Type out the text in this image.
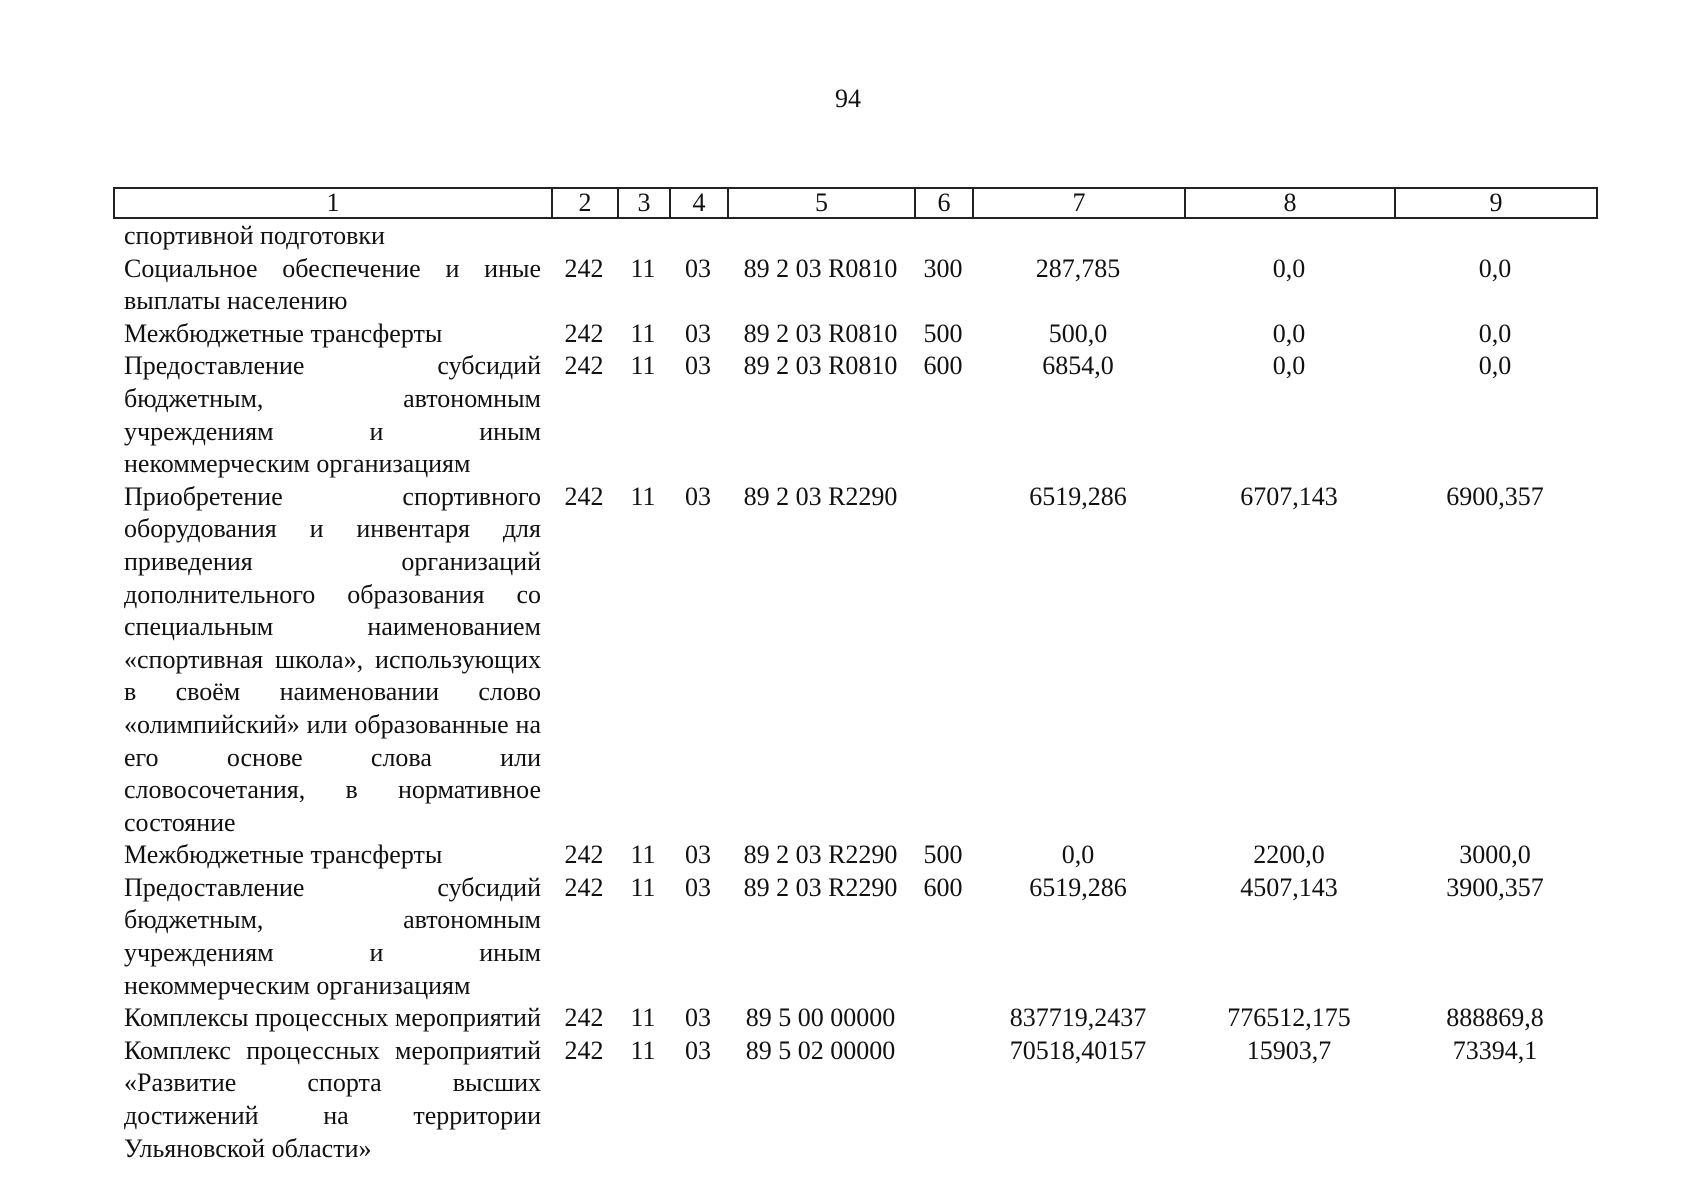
94
1	2	3	4	5	6	7	8	9
спортивной подготовки								
Социальное обеспечение и иные выплаты населению	242	11	03	89 2 03 R0810	300	287,785	0,0	0,0
Межбюджетные трансферты	242	11	03	89 2 03 R0810	500	500,0	0,0	0,0
Предоставление субсидий бюджетным, автономным учреждениям и иным некоммерческим организациям	242	11	03	89 2 03 R0810	600	6854,0	0,0	0,0
Приобретение спортивного оборудования и инвентаря для приведения организаций дополнительного образования со специальным наименованием «спортивная школа», использующих в своём наименовании слово «олимпийский» или образованные на его основе слова или словосочетания, в нормативное состояние	242	11	03	89 2 03 R2290		6519,286	6707,143	6900,357
Межбюджетные трансферты	242	11	03	89 2 03 R2290	500	0,0	2200,0	3000,0
Предоставление субсидий бюджетным, автономным учреждениям и иным некоммерческим организациям	242	11	03	89 2 03 R2290	600	6519,286	4507,143	3900,357
Комплексы процессных мероприятий	242	11	03	89 5 00 00000		837719,2437	776512,175	888869,8
Комплекс процессных мероприятий «Развитие спорта высших достижений на территории Ульяновской области»	242	11	03	89 5 02 00000		70518,40157	15903,7	73394,1
